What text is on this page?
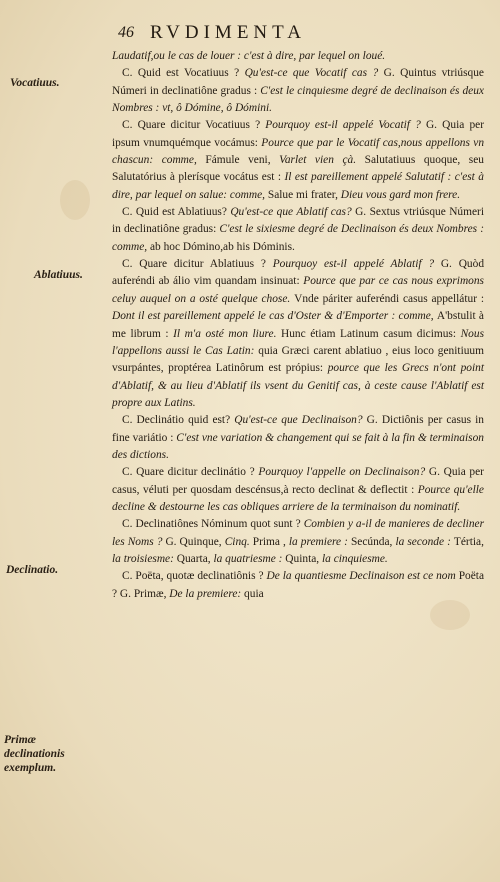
46 RVDIMENTA
Vocatiuus.
Ablatiuus.
Declinatio.
Primæ declinationis exemplum.

Laudatif,ou le cas de louer : c'est à dire, par lequel on loué.

C. Quid est Vocatiuus ? Qu'est-ce que Vocatif cas ? G. Quintus vtriúsque Númeri in declinatiône gradus : C'est le cinquiesme degré de declinaison és deux Nombres : vt, ô Dómine, ô Dómini.

C. Quare dicitur Vocatiuus ? Pourquoy est-il appelé Vocatif ? G. Quia per ipsum vnumquémque vocámus: Pource que par le Vocatif cas,nous appellons vn chascun: comme, Fámule veni, Varlet vien çà. Salutatiuus quoque, seu Salutatórius à plerísque vocátus est : Il est pareillement appelé Salutatif : c'est à dire, par lequel on salue: comme, Salue mi frater, Dieu vous gard mon frere.

C. Quid est Ablatiuus? Qu'est-ce que Ablatif cas? G. Sextus vtriúsque Númeri in declinatiône gradus: C'est le sixiesme degré de Declinaison és deux Nombres : comme, ab hoc Dómino,ab his Dóminis.

C. Quare dicitur Ablatiuus ? Pourquoy est-il appelé Ablatif ? G. Quòd auferéndi ab álio vim quandam insinuat: Pource que par ce cas nous exprimons celuy auquel on a osté quelque chose. Vnde páriter auferéndi casus appellátur : Dont il est pareillement appelé le cas d'Oster & d'Emporter : comme, A'bstulit à me librum : Il m'a osté mon liure. Hunc étiam Latinum casum dicimus: Nous l'appellons aussi le Cas Latin: quia Græci carent ablatiuo , eius loco genitiuum vsurpántes, proptérea Latinôrum est própius: pource que les Grecs n'ont point d'Ablatif, & au lieu d'Ablatif ils vsent du Genitif cas, à ceste cause l'Ablatif est propre aux Latins.

C. Declinátio quid est? Qu'est-ce que Declinaison? G. Dictiônis per casus in fine variátio : C'est vne variation & changement qui se fait à la fin & terminaison des dictions.

C. Quare dicitur declinátio ? Pourquoy l'appelle on Declinaison? G. Quia per casus, véluti per quosdam descénsus,à recto declinat & deflectit : Pource qu'elle decline & destourne les cas obliques arriere de la terminaison du nominatif.

C. Declinatiônes Nóminum quot sunt ? Combien y a-il de manieres de decliner les Noms ? G. Quinque, Cinq. Prima , la premiere : Secúnda, la seconde : Tértia, la troisiesme: Quarta, la quatriesme : Quinta, la cinquiesme.

C. Poëta, quotæ declinatiônis ? De la quantiesme Declinaison est ce nom Poëta ? G. Primæ, De la premiere: quia
